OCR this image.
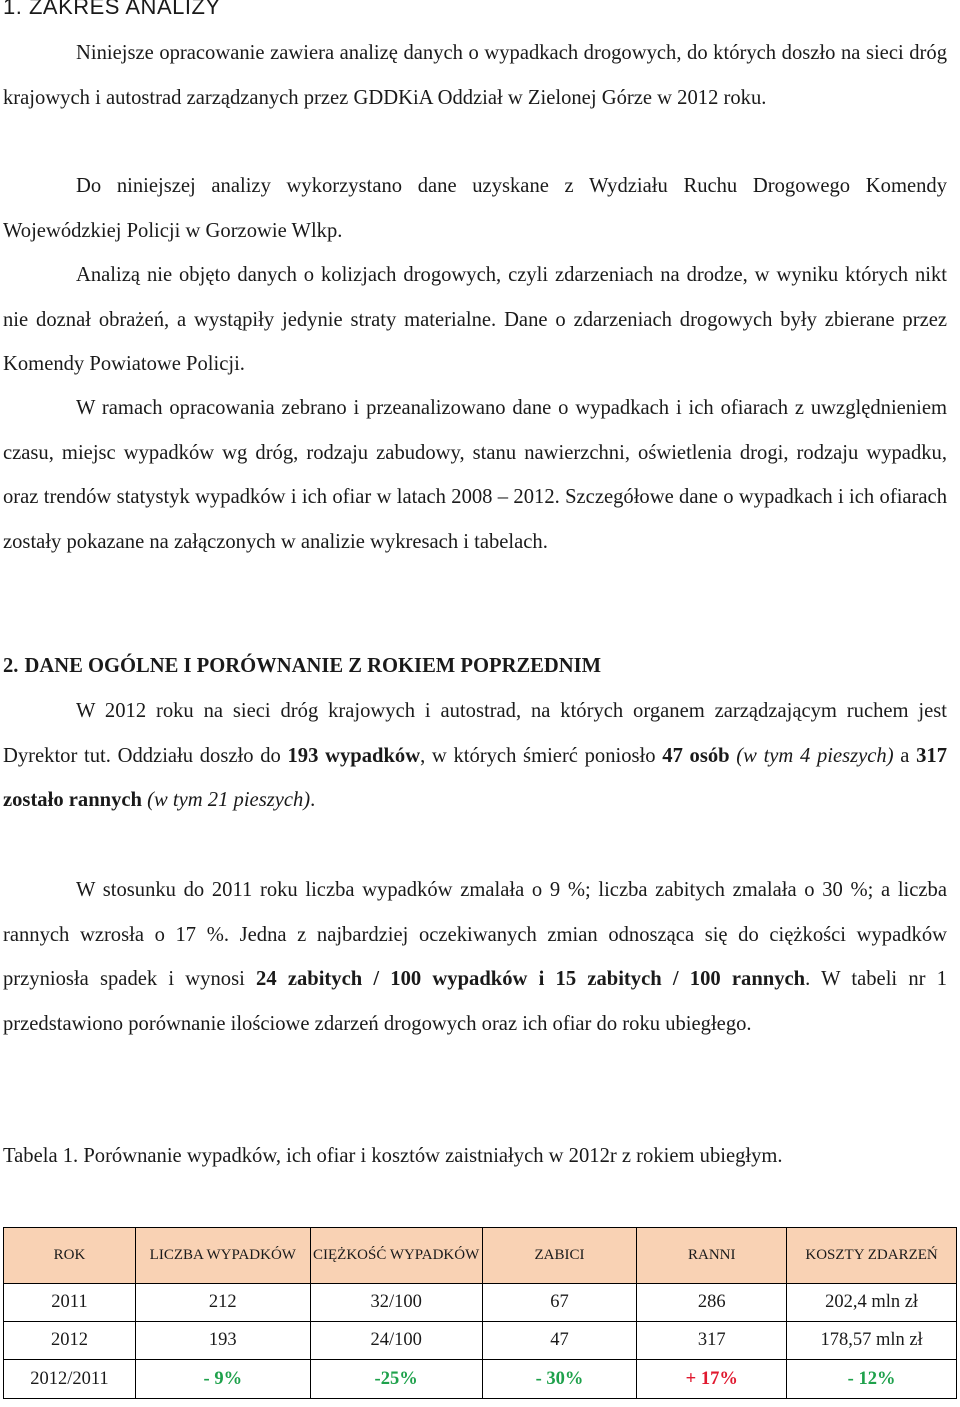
1. ZAKRES ANALIZY

Niniejsze opracowanie zawiera analizę danych o wypadkach drogowych, do których doszło na sieci dróg krajowych i autostrad zarządzanych przez GDDKiA Oddział w Zielonej Górze w 2012 roku.

Do niniejszej analizy wykorzystano dane uzyskane z Wydziału Ruchu Drogowego Komendy Wojewódzkiej Policji w Gorzowie Wlkp.

Analizą nie objęto danych o kolizjach drogowych, czyli zdarzeniach na drodze, w wyniku których nikt nie doznał obrażeń, a wystąpiły jedynie straty materialne. Dane o zdarzeniach drogowych były zbierane przez Komendy Powiatowe Policji.

W ramach opracowania zebrano i przeanalizowano dane o wypadkach i ich ofiarach z uwzględnieniem czasu, miejsc wypadków wg dróg, rodzaju zabudowy, stanu nawierzchni, oświetlenia drogi, rodzaju wypadku, oraz trendów statystyk wypadków i ich ofiar w latach 2008 – 2012. Szczegółowe dane o wypadkach i ich ofiarach zostały pokazane na załączonych w analizie wykresach i tabelach.

2. DANE OGÓLNE I PORÓWNANIE Z ROKIEM POPRZEDNIM

W 2012 roku na sieci dróg krajowych i autostrad, na których organem zarządzającym ruchem jest Dyrektor tut. Oddziału doszło do 193 wypadków, w których śmierć poniosło 47 osób (w tym 4 pieszych) a 317 zostało rannych (w tym 21 pieszych).

W stosunku do 2011 roku liczba wypadków zmalała o 9 %; liczba zabitych zmalała o 30 %; a liczba rannych wzrosła o 17 %. Jedna z najbardziej oczekiwanych zmian odnosząca się do ciężkości wypadków przyniosła spadek i wynosi 24 zabitych / 100 wypadków i 15 zabitych / 100 rannych. W tabeli nr 1 przedstawiono porównanie ilościowe zdarzeń drogowych oraz ich ofiar do roku ubiegłego.

Tabela 1. Porównanie wypadków, ich ofiar i kosztów zaistniałych w 2012r z rokiem ubiegłym.

ROK	LICZBA WYPADKÓW	CIĘŻKOŚĆ WYPADKÓW	ZABICI	RANNI	KOSZTY ZDARZEŃ
2011	212	32/100	67	286	202,4 mln zł
2012	193	24/100	47	317	178,57 mln zł
2012/2011	- 9%	-25%	- 30%	+ 17%	- 12%
